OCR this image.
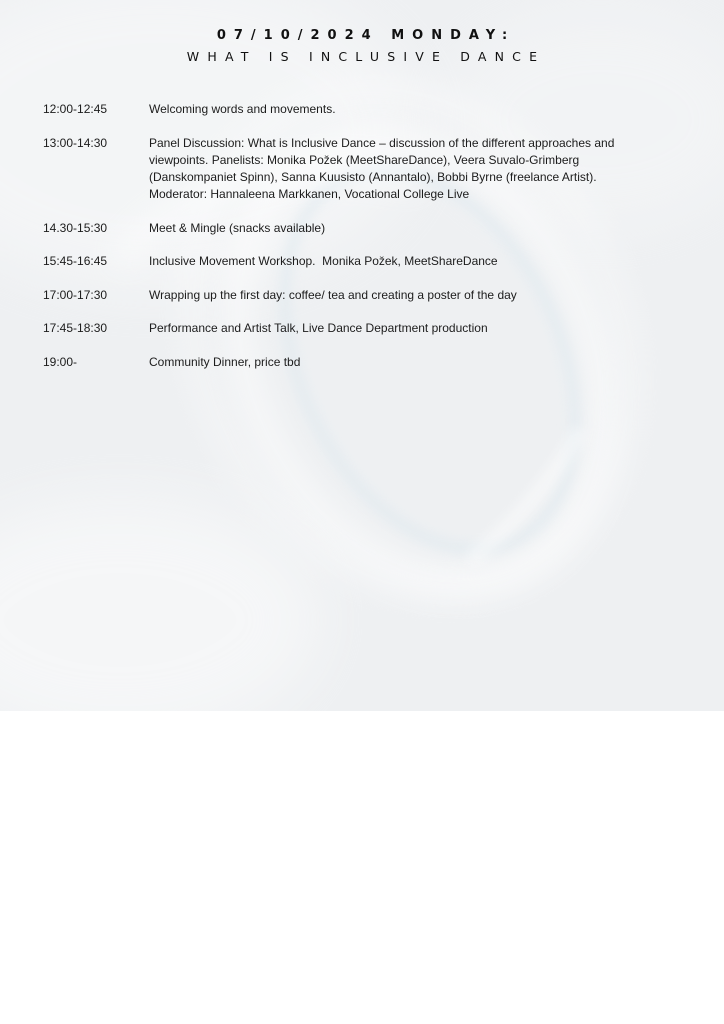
07/10/2024 MONDAY:
WHAT IS INCLUSIVE DANCE
12:00-12:45	Welcoming words and movements.
13:00-14:30	Panel Discussion: What is Inclusive Dance – discussion of the different approaches and
viewpoints. Panelists: Monika Požek (MeetShareDance), Veera Suvalo-Grimberg
(Danskompaniet Spinn), Sanna Kuusisto (Annantalo), Bobbi Byrne (freelance Artist).
Moderator: Hannaleena Markkanen, Vocational College Live
14.30-15:30	Meet & Mingle (snacks available)
15:45-16:45	Inclusive Movement Workshop.  Monika Požek, MeetShareDance
17:00-17:30	Wrapping up the first day: coffee/ tea and creating a poster of the day
17:45-18:30	Performance and Artist Talk, Live Dance Department production
19:00-	Community Dinner, price tbd
